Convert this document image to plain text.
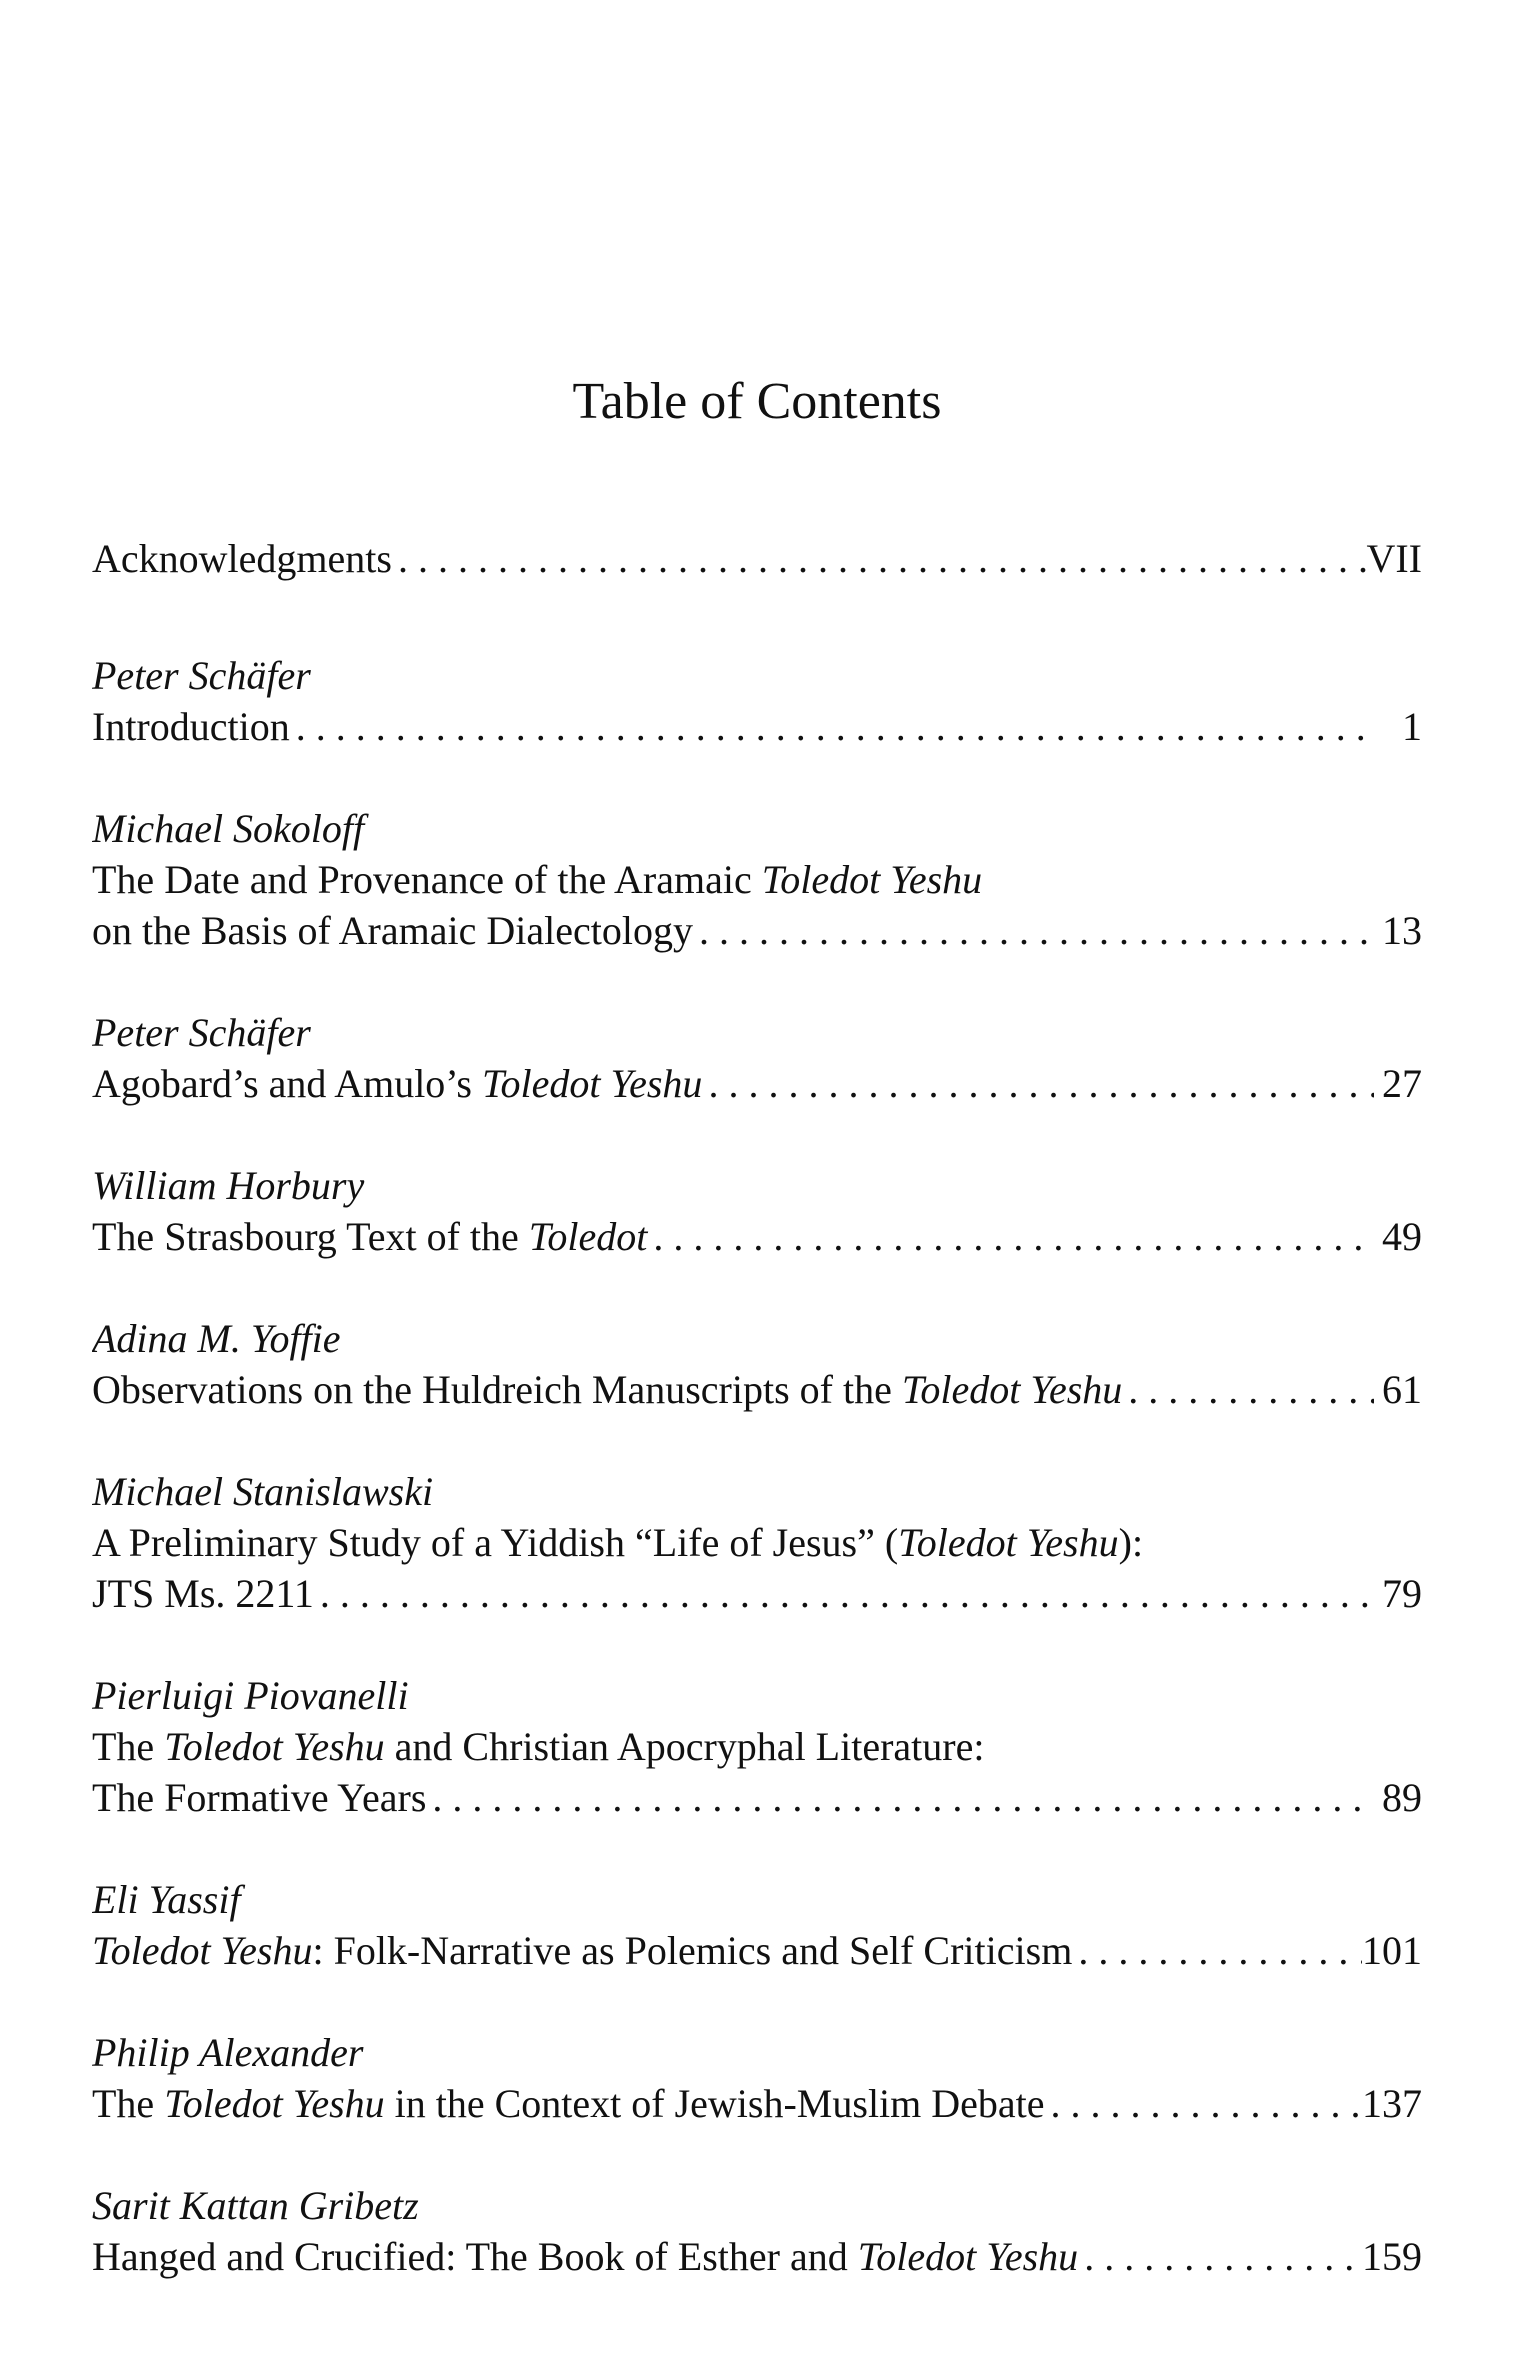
Table of Contents
Acknowledgments . . .	VII
Peter Schäfer
Introduction . . .	1
Michael Sokoloff
The Date and Provenance of the Aramaic Toledot Yeshu
on the Basis of Aramaic Dialectology . . .	13
Peter Schäfer
Agobard’s and Amulo’s Toledot Yeshu . . .	27
William Horbury
The Strasbourg Text of the Toledot . . .	49
Adina M. Yoffie
Observations on the Huldreich Manuscripts of the Toledot Yeshu . . .	61
Michael Stanislawski
A Preliminary Study of a Yiddish “Life of Jesus” (Toledot Yeshu):
JTS Ms. 2211 . . .	79
Pierluigi Piovanelli
The Toledot Yeshu and Christian Apocryphal Literature:
The Formative Years . . .	89
Eli Yassif
Toledot Yeshu: Folk-Narrative as Polemics and Self Criticism . . .	101
Philip Alexander
The Toledot Yeshu in the Context of Jewish-Muslim Debate . . .	137
Sarit Kattan Gribetz
Hanged and Crucified: The Book of Esther and Toledot Yeshu . . .	159
